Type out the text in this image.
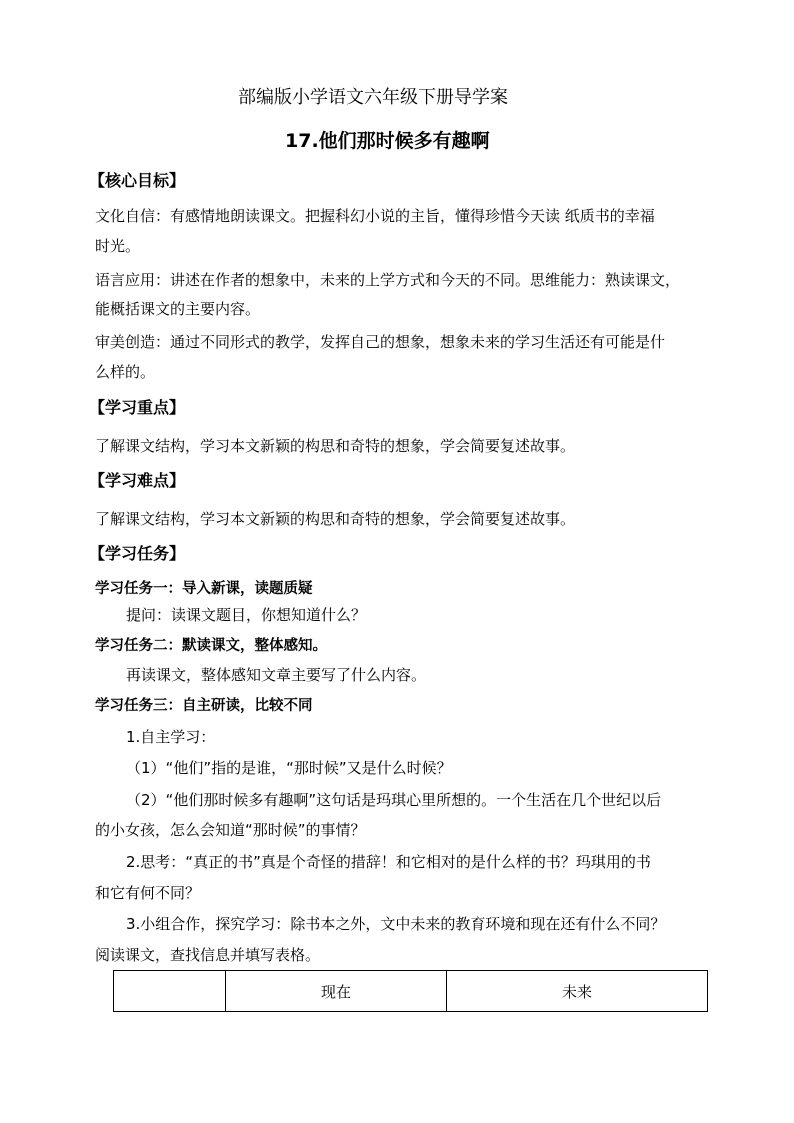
部编版小学语文六年级下册导学案
17.他们那时候多有趣啊
【核心目标】
文化自信：有感情地朗读课文。把握科幻小说的主旨，懂得珍惜今天读 纸质书的幸福
时光。
语言应用：讲述在作者的想象中，未来的上学方式和今天的不同。思维能力：熟读课文，
能概括课文的主要内容。
审美创造：通过不同形式的教学，发挥自己的想象，想象未来的学习生活还有可能是什
么样的。
【学习重点】
了解课文结构，学习本文新颖的构思和奇特的想象，学会简要复述故事。
【学习难点】
了解课文结构，学习本文新颖的构思和奇特的想象，学会简要复述故事。
【学习任务】
学习任务一：导入新课，读题质疑
提问：读课文题目，你想知道什么？
学习任务二：默读课文，整体感知。
再读课文，整体感知文章主要写了什么内容。
学习任务三：自主研读，比较不同
1.自主学习：
（1）“他们”指的是谁，“那时候”又是什么时候？
（2）“他们那时候多有趣啊”这句话是玛琪心里所想的。一个生活在几个世纪以后
的小女孩，怎么会知道“那时候”的事情？
2.思考：“真正的书”真是个奇怪的措辞！和它相对的是什么样的书？玛琪用的书
和它有何不同？
3.小组合作，探究学习：除书本之外，文中未来的教育环境和现在还有什么不同？
阅读课文，查找信息并填写表格。
	现在	未来
